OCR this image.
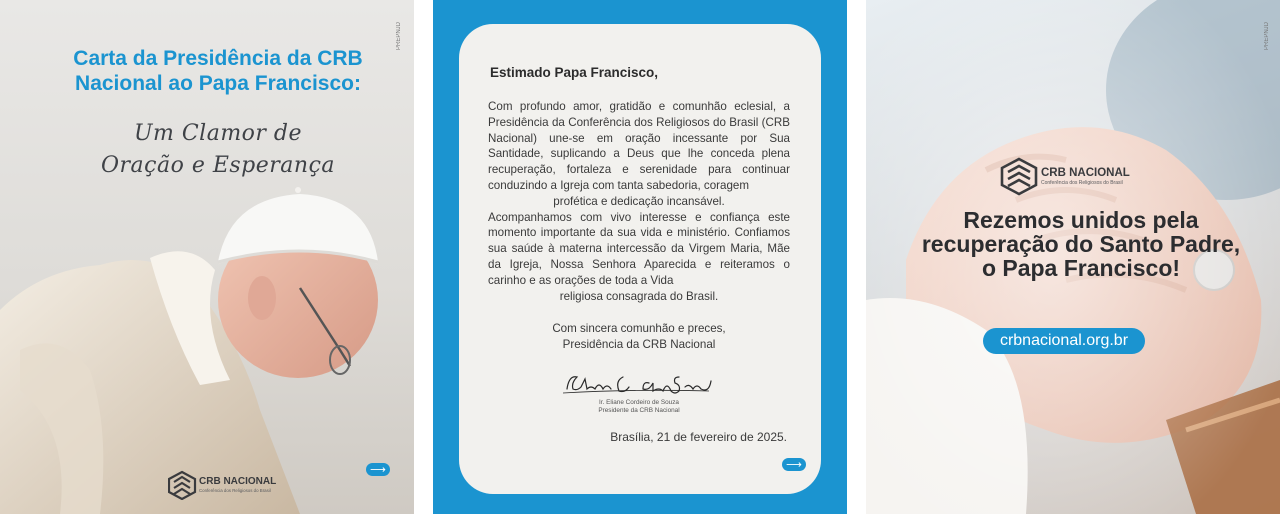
PREPNJD
Carta da Presidência da CRB Nacional ao Papa Francisco:
Um Clamor de
Oração e Esperança
CRB NACIONAL
Conferência dos Religiosos do Brasil
⟶
Estimado Papa Francisco,

Com profundo amor, gratidão e comunhão eclesial, a Presidência da Conferência dos Religiosos do Brasil (CRB Nacional) une-se em oração incessante por Sua Santidade, suplicando a Deus que lhe conceda plena recuperação, fortaleza e serenidade para continuar conduzindo a Igreja com tanta sabedoria, coragem

profética e dedicação incansável.

Acompanhamos com vivo interesse e confiança este momento importante da sua vida e ministério. Confiamos sua saúde à materna intercessão da Virgem Maria, Mãe da Igreja, Nossa Senhora Aparecida e reiteramos o carinho e as orações de toda a Vida

religiosa consagrada do Brasil.

Com sincera comunhão e preces,
Presidência da CRB Nacional
Ir. Eliane Cordeiro de Souza
Presidente da CRB Nacional
Brasília, 21 de fevereiro de 2025.
⟶
PREPNJD
CRB NACIONAL
Conferência dos Religiosos do Brasil
Rezemos unidos pela recuperação do Santo Padre, o Papa Francisco!
crbnacional.org.br
